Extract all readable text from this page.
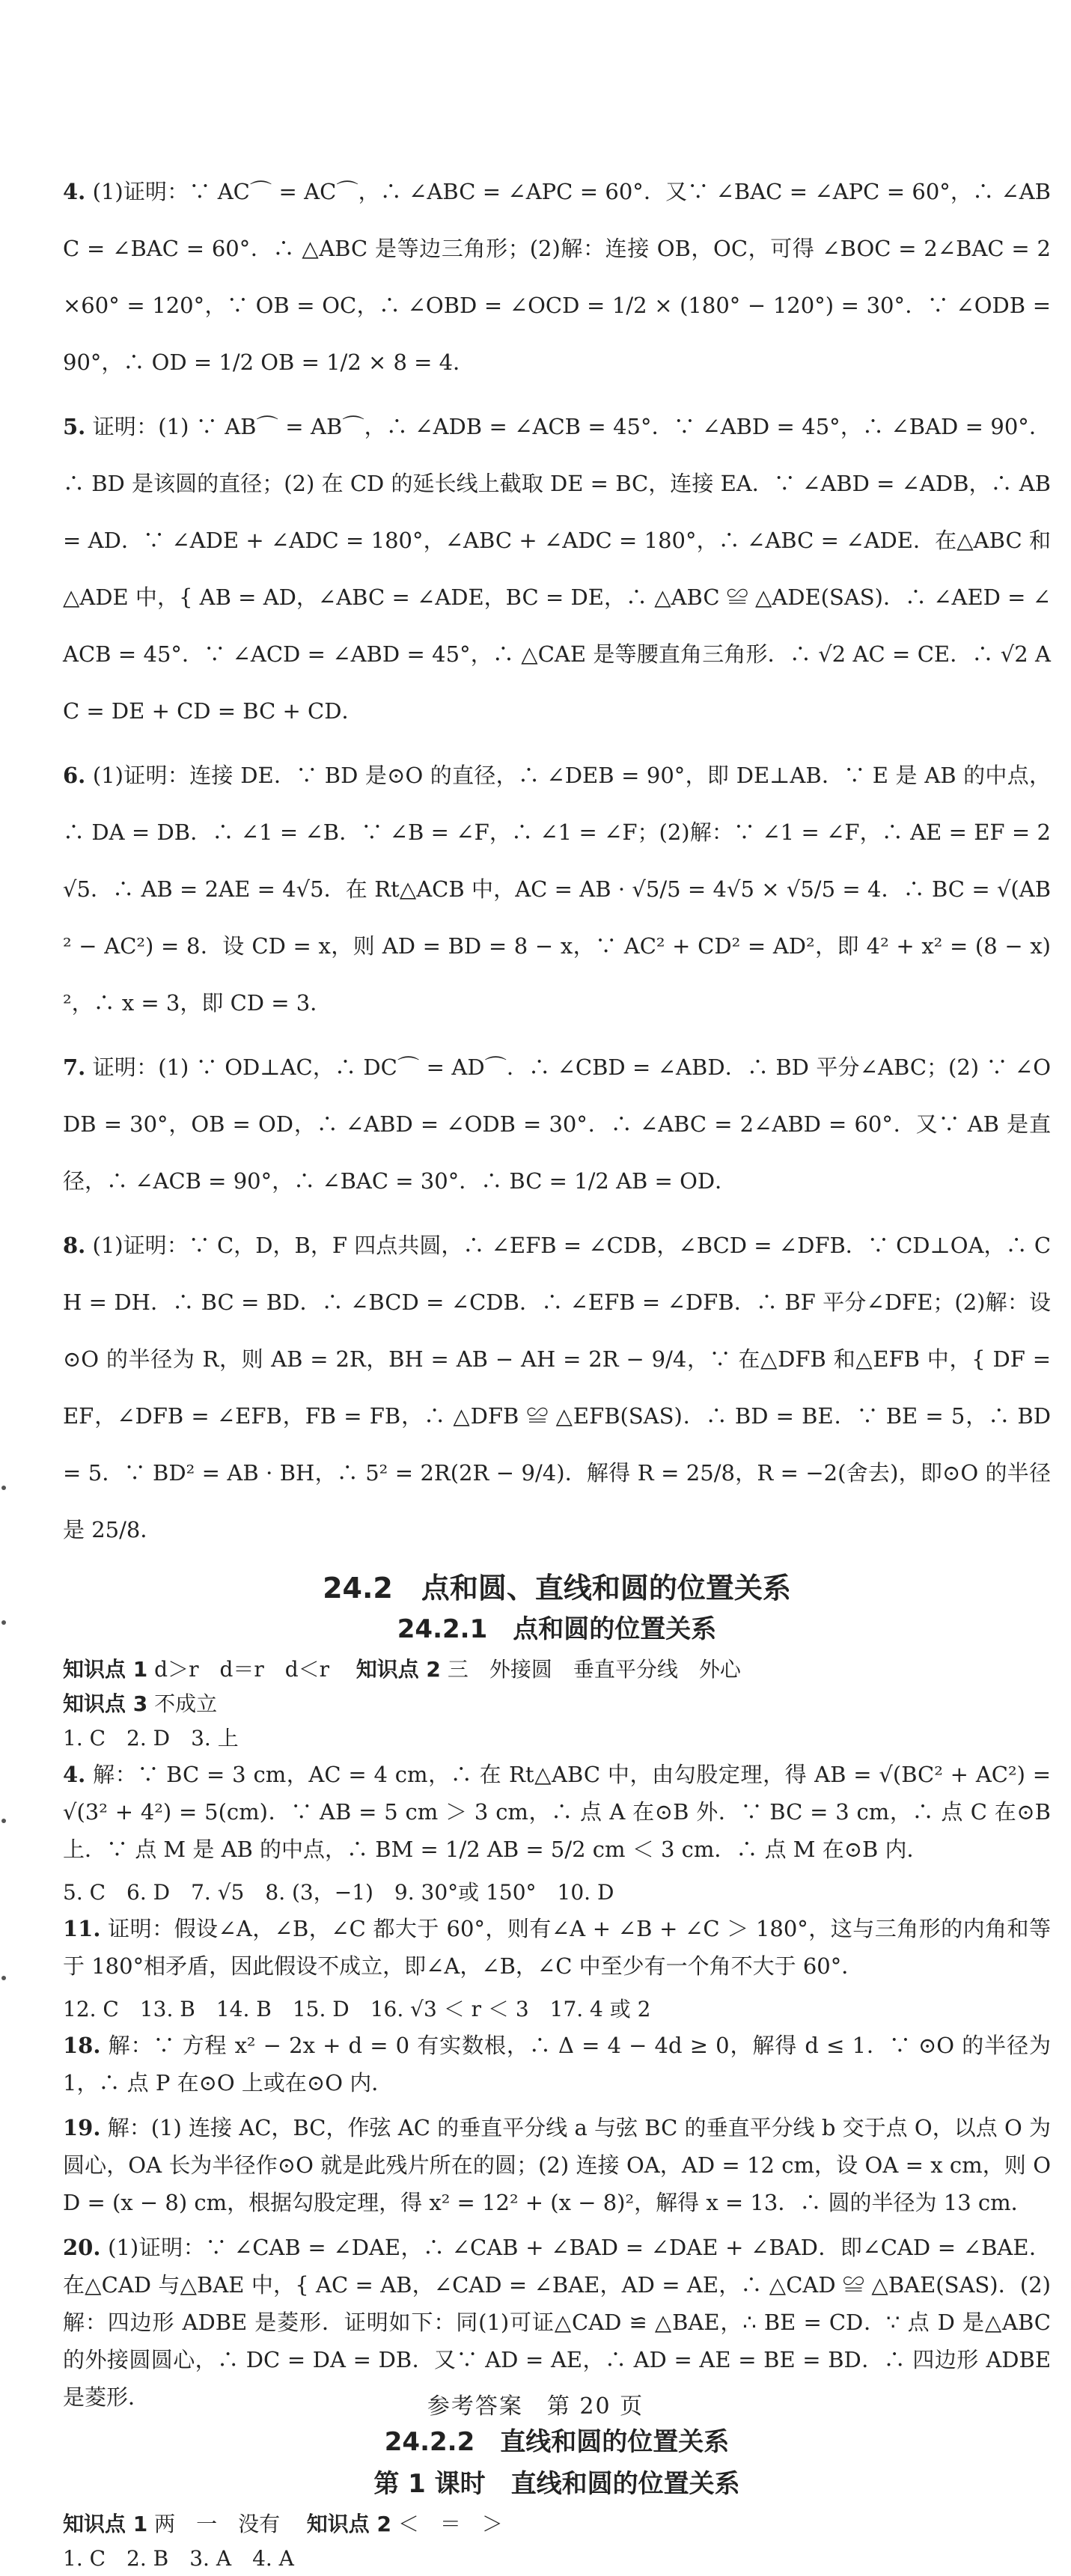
4. (1)证明：∵ AC⌒ = AC⌒，∴ ∠ABC = ∠APC = 60°．又∵ ∠BAC = ∠APC = 60°，∴ ∠ABC = ∠BAC = 60°．∴ △ABC 是等边三角形；(2)解：连接 OB，OC，可得 ∠BOC = 2∠BAC = 2×60° = 120°，∵ OB = OC，∴ ∠OBD = ∠OCD = 1/2 × (180° − 120°) = 30°．∵ ∠ODB = 90°，∴ OD = 1/2 OB = 1/2 × 8 = 4．
5. 证明：(1) ∵ AB⌒ = AB⌒，∴ ∠ADB = ∠ACB = 45°．∵ ∠ABD = 45°，∴ ∠BAD = 90°．∴ BD 是该圆的直径；(2) 在 CD 的延长线上截取 DE = BC，连接 EA．∵ ∠ABD = ∠ADB，∴ AB = AD．∵ ∠ADE + ∠ADC = 180°，∠ABC + ∠ADC = 180°，∴ ∠ABC = ∠ADE．在△ABC 和△ADE 中，{ AB = AD，∠ABC = ∠ADE，BC = DE，∴ △ABC ≌ △ADE(SAS)．∴ ∠AED = ∠ACB = 45°．∵ ∠ACD = ∠ABD = 45°，∴ △CAE 是等腰直角三角形．∴ √2 AC = CE．∴ √2 AC = DE + CD = BC + CD．
6. (1)证明：连接 DE．∵ BD 是⊙O 的直径，∴ ∠DEB = 90°，即 DE⊥AB．∵ E 是 AB 的中点，∴ DA = DB．∴ ∠1 = ∠B．∵ ∠B = ∠F，∴ ∠1 = ∠F；(2)解：∵ ∠1 = ∠F，∴ AE = EF = 2√5．∴ AB = 2AE = 4√5．在 Rt△ACB 中，AC = AB · √5/5 = 4√5 × √5/5 = 4．∴ BC = √(AB² − AC²) = 8．设 CD = x，则 AD = BD = 8 − x，∵ AC² + CD² = AD²，即 4² + x² = (8 − x)²，∴ x = 3，即 CD = 3．
7. 证明：(1) ∵ OD⊥AC，∴ DC⌒ = AD⌒．∴ ∠CBD = ∠ABD．∴ BD 平分∠ABC；(2) ∵ ∠ODB = 30°，OB = OD，∴ ∠ABD = ∠ODB = 30°．∴ ∠ABC = 2∠ABD = 60°．又∵ AB 是直径，∴ ∠ACB = 90°，∴ ∠BAC = 30°．∴ BC = 1/2 AB = OD．
8. (1)证明：∵ C，D，B，F 四点共圆，∴ ∠EFB = ∠CDB，∠BCD = ∠DFB．∵ CD⊥OA，∴ CH = DH．∴ BC = BD．∴ ∠BCD = ∠CDB．∴ ∠EFB = ∠DFB．∴ BF 平分∠DFE；(2)解：设⊙O 的半径为 R，则 AB = 2R，BH = AB − AH = 2R − 9/4，∵ 在△DFB 和△EFB 中，{ DF = EF，∠DFB = ∠EFB，FB = FB，∴ △DFB ≌ △EFB(SAS)．∴ BD = BE．∵ BE = 5，∴ BD = 5．∵ BD² = AB · BH，∴ 5² = 2R(2R − 9/4)．解得 R = 25/8，R = −2(舍去)，即⊙O 的半径是 25/8．
24.2　点和圆、直线和圆的位置关系
24.2.1　点和圆的位置关系

知识点 1 d＞r　d＝r　d＜r 知识点 2 三　外接圆　垂直平分线　外心

知识点 3 不成立

1. C　2. D　3. 上

4. 解：∵ BC = 3 cm，AC = 4 cm，∴ 在 Rt△ABC 中，由勾股定理，得 AB = √(BC² + AC²) = √(3² + 4²) = 5(cm)．∵ AB = 5 cm ＞ 3 cm，∴ 点 A 在⊙B 外．∵ BC = 3 cm，∴ 点 C 在⊙B 上．∵ 点 M 是 AB 的中点，∴ BM = 1/2 AB = 5/2 cm ＜ 3 cm．∴ 点 M 在⊙B 内．

5. C　6. D　7. √5　8. (3，−1)　9. 30°或 150°　10. D

11. 证明：假设∠A，∠B，∠C 都大于 60°，则有∠A + ∠B + ∠C ＞ 180°，这与三角形的内角和等于 180°相矛盾，因此假设不成立，即∠A，∠B，∠C 中至少有一个角不大于 60°．

12. C　13. B　14. B　15. D　16. √3 ＜ r ＜ 3　17. 4 或 2

18. 解：∵ 方程 x² − 2x + d = 0 有实数根，∴ Δ = 4 − 4d ≥ 0，解得 d ≤ 1．∵ ⊙O 的半径为 1，∴ 点 P 在⊙O 上或在⊙O 内．
19. 解：(1) 连接 AC，BC，作弦 AC 的垂直平分线 a 与弦 BC 的垂直平分线 b 交于点 O，以点 O 为圆心，OA 长为半径作⊙O 就是此残片所在的圆；(2) 连接 OA，AD = 12 cm，设 OA = x cm，则 OD = (x − 8) cm，根据勾股定理，得 x² = 12² + (x − 8)²，解得 x = 13．∴ 圆的半径为 13 cm．
20. (1)证明：∵ ∠CAB = ∠DAE，∴ ∠CAB + ∠BAD = ∠DAE + ∠BAD．即∠CAD = ∠BAE．在△CAD 与△BAE 中，{ AC = AB，∠CAD = ∠BAE，AD = AE，∴ △CAD ≌ △BAE(SAS)．(2)解：四边形 ADBE 是菱形．证明如下：同(1)可证△CAD ≌ △BAE，∴ BE = CD．∵ 点 D 是△ABC 的外接圆圆心，∴ DC = DA = DB．又∵ AD = AE，∴ AD = AE = BE = BD．∴ 四边形 ADBE 是菱形．
24.2.2　直线和圆的位置关系
第 1 课时　直线和圆的位置关系

知识点 1 两　一　没有 知识点 2 ＜　＝　＞

1. C　2. B　3. A　4. A

参考答案　第 20 页
